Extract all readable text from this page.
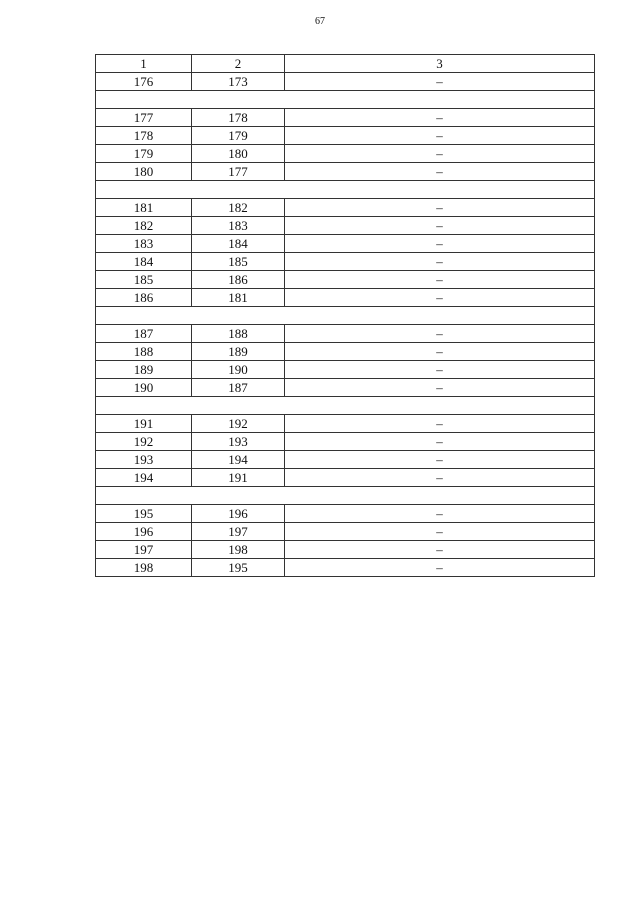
67
1	2	3
176	173	–

177	178	–
178	179	–
179	180	–
180	177	–

181	182	–
182	183	–
183	184	–
184	185	–
185	186	–
186	181	–

187	188	–
188	189	–
189	190	–
190	187	–

191	192	–
192	193	–
193	194	–
194	191	–

195	196	–
196	197	–
197	198	–
198	195	–
